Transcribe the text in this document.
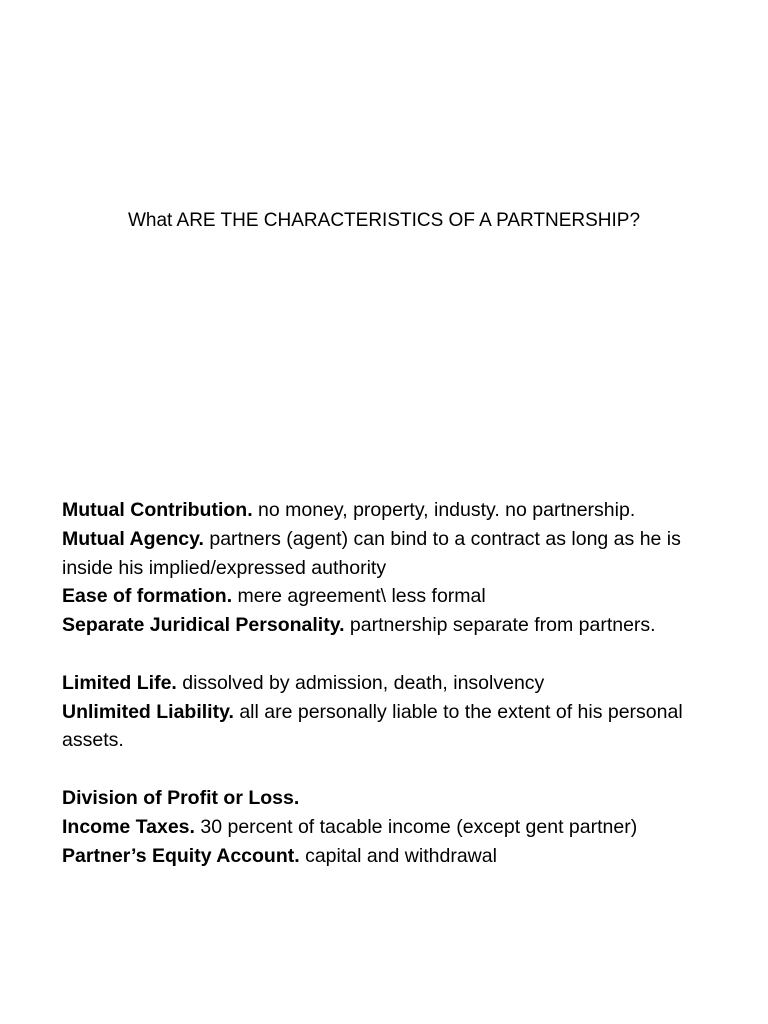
What ARE THE CHARACTERISTICS OF A PARTNERSHIP?

Mutual Contribution. no money, property, industy. no partnership.

Mutual Agency. partners (agent) can bind to a contract as long as he is inside his implied/expressed authority

Ease of formation. mere agreement\ less formal

Separate Juridical Personality. partnership separate from partners.

Limited Life. dissolved by admission, death, insolvency

Unlimited Liability. all are personally liable to the extent of his personal assets.

Division of Profit or Loss.

Income Taxes. 30 percent of tacable income (except gent partner)

Partner’s Equity Account. capital and withdrawal
